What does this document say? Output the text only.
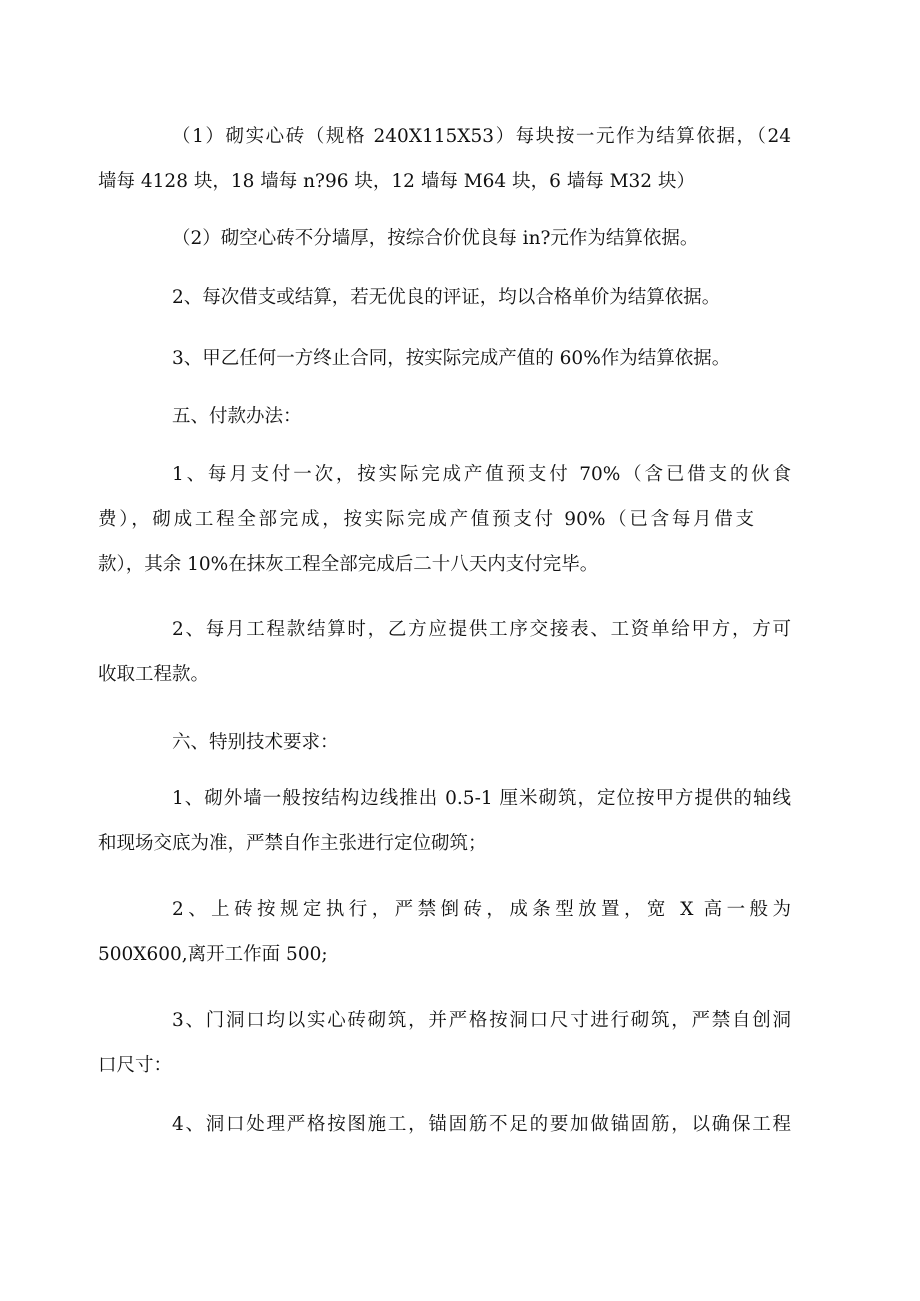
（1）砌实心砖（规格 240X115X53）每块按一元作为结算依据，（24
墙每 4128 块，18 墙每 n?96 块，12 墙每 M64 块，6 墙每 M32 块）
（2）砌空心砖不分墙厚，按综合价优良每 in?元作为结算依据。
2、每次借支或结算，若无优良的评证，均以合格单价为结算依据。
3、甲乙任何一方终止合同，按实际完成产值的 60%作为结算依据。
五、付款办法：
1、每月支付一次，按实际完成产值预支付 70%（含已借支的伙食
费），砌成工程全部完成，按实际完成产值预支付 90%（已含每月借支
款），其余 10%在抹灰工程全部完成后二十八天内支付完毕。
2、每月工程款结算时，乙方应提供工序交接表、工资单给甲方，方可
收取工程款。
六、特别技术要求：
1、砌外墙一般按结构边线推出 0.5-1 厘米砌筑，定位按甲方提供的轴线
和现场交底为准，严禁自作主张进行定位砌筑；
2、上砖按规定执行，严禁倒砖，成条型放置，宽 X 高一般为
500X600,离开工作面 500;
3、门洞口均以实心砖砌筑，并严格按洞口尺寸进行砌筑，严禁自创洞
口尺寸：
4、洞口处理严格按图施工，锚固筋不足的要加做锚固筋，以确保工程
